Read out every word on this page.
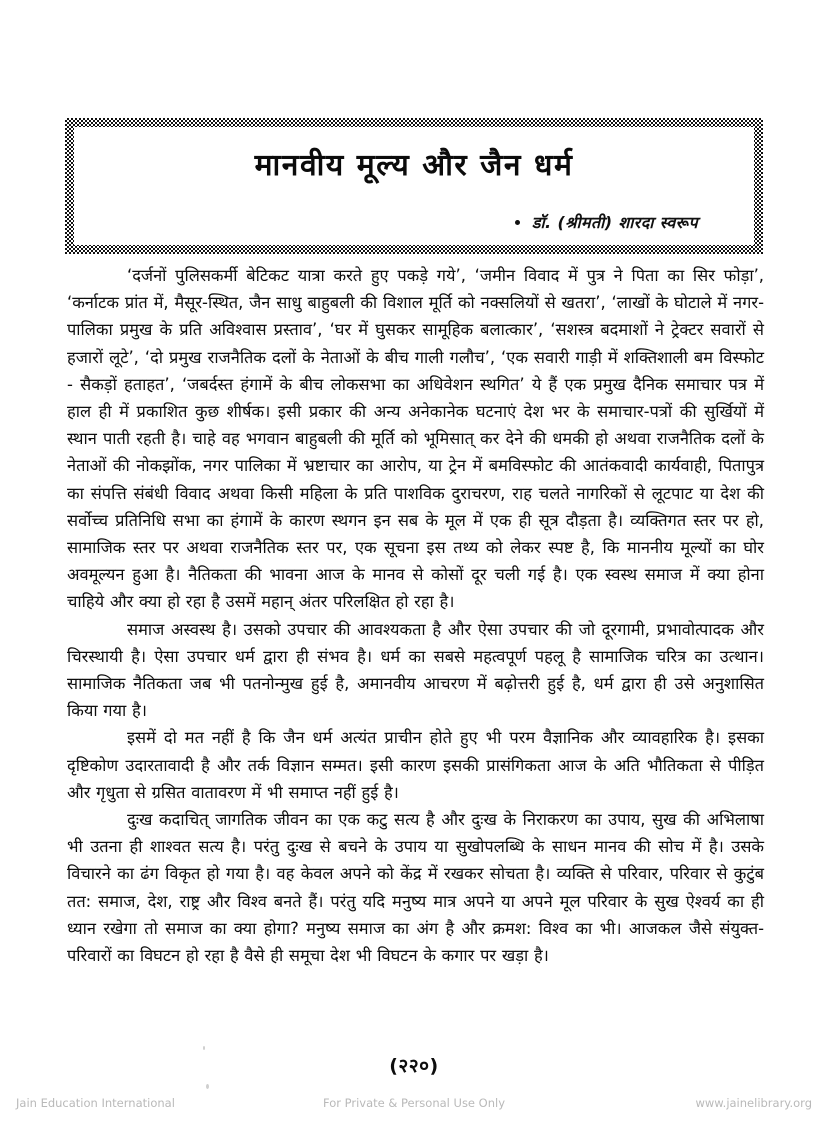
मानवीय मूल्य और जैन धर्म
डॉ. (श्रीमती) शारदा स्वरूप

‘दर्जनों पुलिसकर्मी बेटिकट यात्रा करते हुए पकड़े गये’, ‘जमीन विवाद में पुत्र ने पिता का सिर फोड़ा’, ‘कर्नाटक प्रांत में, मैसूर-स्थित, जैन साधु बाहुबली की विशाल मूर्ति को नक्सलियों से खतरा’, ‘लाखों के घोटाले में नगर-पालिका प्रमुख के प्रति अविश्वास प्रस्ताव’, ‘घर में घुसकर सामूहिक बलात्कार’, ‘सशस्त्र बदमाशों ने ट्रेक्टर सवारों से हजारों लूटे’, ‘दो प्रमुख राजनैतिक दलों के नेताओं के बीच गाली गलौच’, ‘एक सवारी गाड़ी में शक्तिशाली बम विस्फोट - सैकड़ों हताहत’, ‘जबर्दस्त हंगामें के बीच लोकसभा का अधिवेशन स्थगित’ ये हैं एक प्रमुख दैनिक समाचार पत्र में हाल ही में प्रकाशित कुछ शीर्षक। इसी प्रकार की अन्य अनेकानेक घटनाएं देश भर के समाचार-पत्रों की सुर्खियों में स्थान पाती रहती है। चाहे वह भगवान बाहुबली की मूर्ति को भूमिसात् कर देने की धमकी हो अथवा राजनैतिक दलों के नेताओं की नोकझोंक, नगर पालिका में भ्रष्टाचार का आरोप, या ट्रेन में बमविस्फोट की आतंकवादी कार्यवाही, पितापुत्र का संपत्ति संबंधी विवाद अथवा किसी महिला के प्रति पाशविक दुराचरण, राह चलते नागरिकों से लूटपाट या देश की सर्वोच्च प्रतिनिधि सभा का हंगामें के कारण स्थगन इन सब के मूल में एक ही सूत्र दौड़ता है। व्यक्तिगत स्तर पर हो, सामाजिक स्तर पर अथवा राजनैतिक स्तर पर, एक सूचना इस तथ्य को लेकर स्पष्ट है, कि माननीय मूल्यों का घोर अवमूल्यन हुआ है। नैतिकता की भावना आज के मानव से कोसों दूर चली गई है। एक स्वस्थ समाज में क्या होना चाहिये और क्या हो रहा है उसमें महान् अंतर परिलक्षित हो रहा है।

समाज अस्वस्थ है। उसको उपचार की आवश्यकता है और ऐसा उपचार की जो दूरगामी, प्रभावोत्पादक और चिरस्थायी है। ऐसा उपचार धर्म द्वारा ही संभव है। धर्म का सबसे महत्वपूर्ण पहलू है सामाजिक चरित्र का उत्थान। सामाजिक नैतिकता जब भी पतनोन्मुख हुई है, अमानवीय आचरण में बढ़ोत्तरी हुई है, धर्म द्वारा ही उसे अनुशासित किया गया है।

इसमें दो मत नहीं है कि जैन धर्म अत्यंत प्राचीन होते हुए भी परम वैज्ञानिक और व्यावहारिक है। इसका दृष्टिकोण उदारतावादी है और तर्क विज्ञान सम्मत। इसी कारण इसकी प्रासंगिकता आज के अति भौतिकता से पीड़ित और गृधुता से ग्रसित वातावरण में भी समाप्त नहीं हुई है।

दुःख कदाचित् जागतिक जीवन का एक कटु सत्य है और दुःख के निराकरण का उपाय, सुख की अभिलाषा भी उतना ही शाश्वत सत्य है। परंतु दुःख से बचने के उपाय या सुखोपलब्धि के साधन मानव की सोच में है। उसके विचारने का ढंग विकृत हो गया है। वह केवल अपने को केंद्र में रखकर सोचता है। व्यक्ति से परिवार, परिवार से कुटुंब तत: समाज, देश, राष्ट्र और विश्व बनते हैं। परंतु यदि मनुष्य मात्र अपने या अपने मूल परिवार के सुख ऐश्वर्य का ही ध्यान रखेगा तो समाज का क्या होगा? मनुष्य समाज का अंग है और क्रमश: विश्व का भी। आजकल जैसे संयुक्त-परिवारों का विघटन हो रहा है वैसे ही समूचा देश भी विघटन के कगार पर खड़ा है।

(२२०)
Jain Education International	For Private & Personal Use Only	www.jainelibrary.org
